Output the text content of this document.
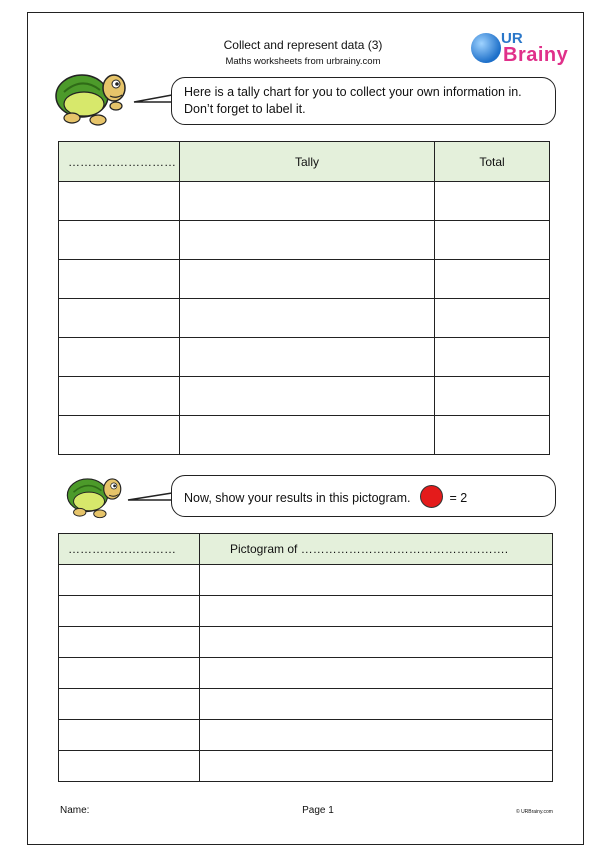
Collect and represent data (3)
Maths worksheets from urbrainy.com
UR
Brainy
Here is a tally chart for you to collect your own information in.
Don’t forget to label it.
………………………	Tally	Total

Now, show your results in this pictogram.	= 2
………………………	Pictogram of …………………………………………….

Name:	Page 1	© URBrainy.com
